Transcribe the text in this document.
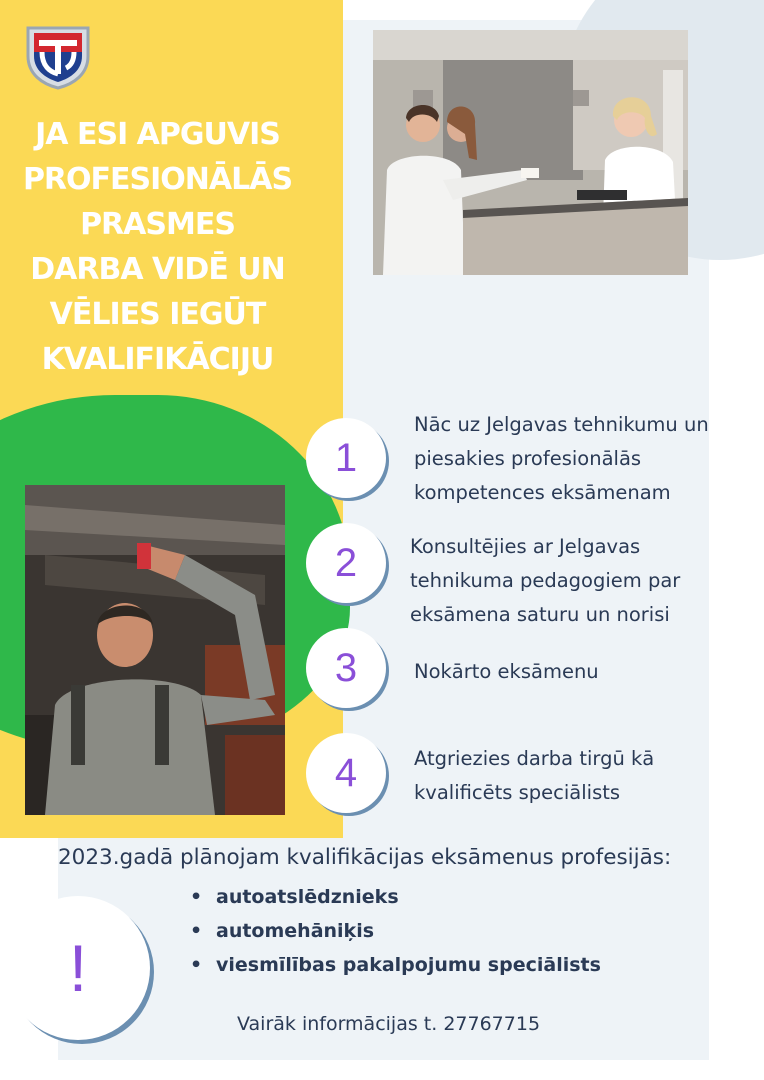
JA ESI APGUVIS PROFESIONĀLĀS PRASMES DARBA VIDĒ UN VĒLIES IEGŪT KVALIFIKĀCIJU
1
Nāc uz Jelgavas tehnikumu un piesakies profesionālās kompetences eksāmenam
2	Konsultējies ar Jelgavas tehnikuma pedagogiem par eksāmena saturu un norisi
3	Nokārto eksāmenu
4	Atgriezies darba tirgū kā kvalificēts speciālists
2023.gadā plānojam kvalifikācijas eksāmenus profesijās:
• autoatslēdznieks
• automehāniķis
• viesmīlības pakalpojumu speciālists
!
Vairāk informācijas t. 27767715
